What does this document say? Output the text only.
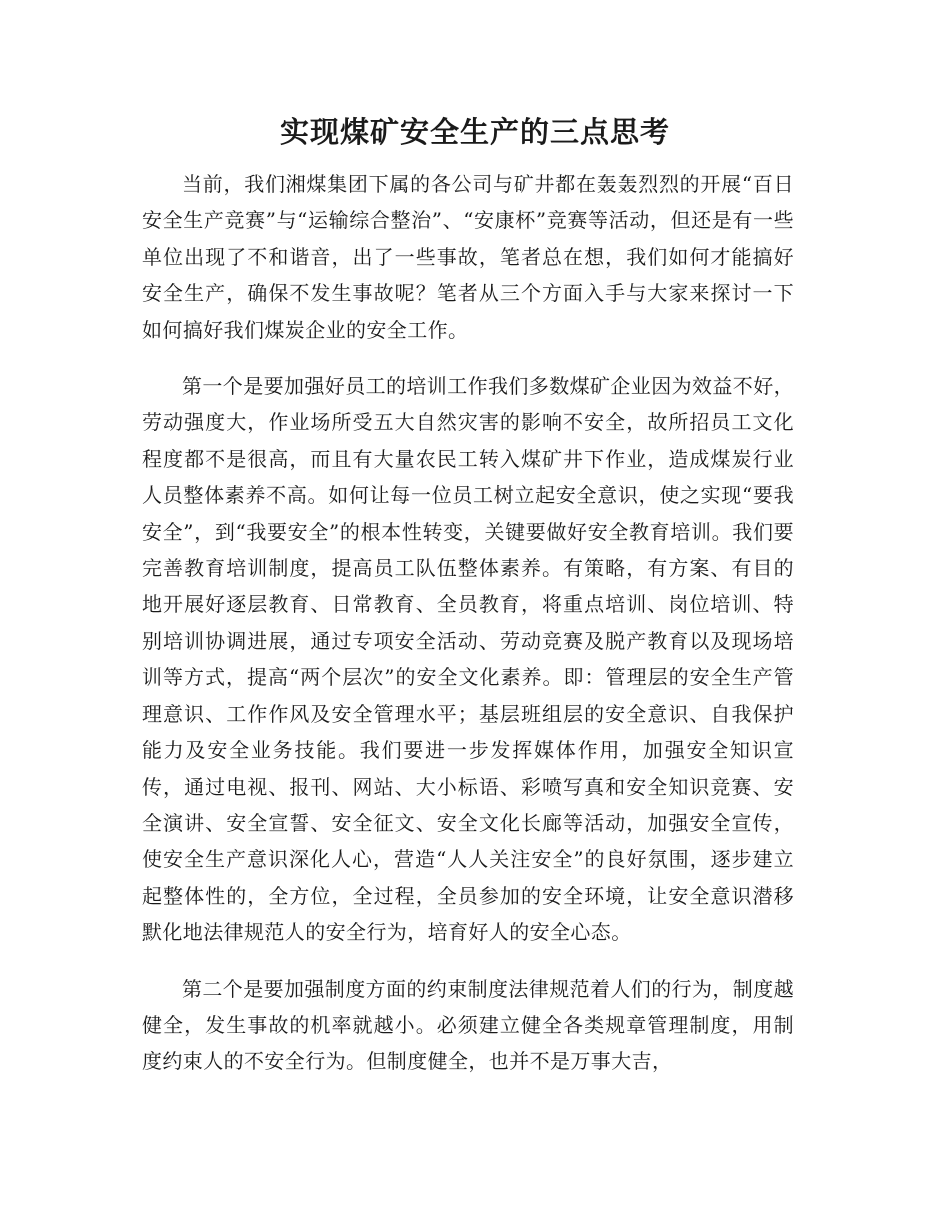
实现煤矿安全生产的三点思考

当前，我们湘煤集团下属的各公司与矿井都在轰轰烈烈的开展“百日安全生产竞赛”与“运输综合整治”、“安康杯”竞赛等活动，但还是有一些单位出现了不和谐音，出了一些事故，笔者总在想，我们如何才能搞好安全生产，确保不发生事故呢？笔者从三个方面入手与大家来探讨一下如何搞好我们煤炭企业的安全工作。

第一个是要加强好员工的培训工作我们多数煤矿企业因为效益不好，劳动强度大，作业场所受五大自然灾害的影响不安全，故所招员工文化程度都不是很高，而且有大量农民工转入煤矿井下作业，造成煤炭行业人员整体素养不高。如何让每一位员工树立起安全意识，使之实现“要我安全”，到“我要安全”的根本性转变，关键要做好安全教育培训。我们要完善教育培训制度，提高员工队伍整体素养。有策略，有方案、有目的地开展好逐层教育、日常教育、全员教育，将重点培训、岗位培训、特别培训协调进展，通过专项安全活动、劳动竞赛及脱产教育以及现场培训等方式，提高“两个层次”的安全文化素养。即：管理层的安全生产管理意识、工作作风及安全管理水平；基层班组层的安全意识、自我保护能力及安全业务技能。我们要进一步发挥媒体作用，加强安全知识宣传，通过电视、报刊、网站、大小标语、彩喷写真和安全知识竞赛、安全演讲、安全宣誓、安全征文、安全文化长廊等活动，加强安全宣传，使安全生产意识深化人心，营造“人人关注安全”的良好氛围，逐步建立起整体性的，全方位，全过程，全员参加的安全环境，让安全意识潜移默化地法律规范人的安全行为，培育好人的安全心态。

第二个是要加强制度方面的约束制度法律规范着人们的行为，制度越健全，发生事故的机率就越小。必须建立健全各类规章管理制度，用制度约束人的不安全行为。但制度健全，也并不是万事大吉，
